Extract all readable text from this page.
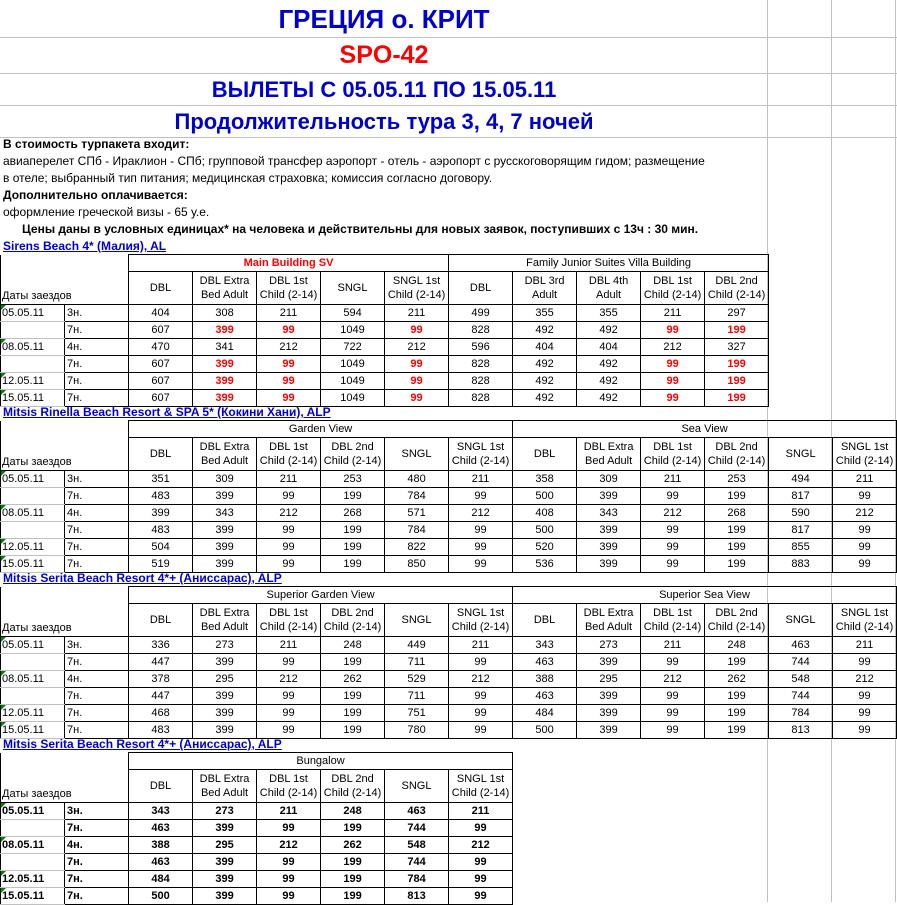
ГРЕЦИЯ о. КРИТ
SPO-42
ВЫЛЕТЫ С 05.05.11 ПО 15.05.11
Продолжительность тура 3, 4, 7 ночей
В стоимость турпакета входит:
авиаперелет СПб - Ираклион - СПб; групповой трансфер аэропорт - отель - аэропорт с русскоговорящим гидом; размещение
в отеле; выбранный тип питания; медицинская страховка; комиссия согласно договору.
Дополнительно оплачивается:
оформление греческой визы - 65 у.е.
Цены даны в условных единицах* на человека и действительны для новых заявок, поступивших с 13ч : 30 мин.
Sirens Beach 4* (Малия), AL
Даты заездов		Main Building SV					Family Junior Suites Villa Building				
		DBL	DBL Extra Bed Adult	DBL 1st Child (2-14)	SNGL	SNGL 1st Child (2-14)	DBL	DBL 3rd Adult	DBL 4th Adult	DBL 1st Child (2-14)	DBL 2nd Child (2-14)

05.05.11	3н.	404	308	211	594	211	499	355	355	211	297
	7н.	607	399	99	1049	99	828	492	492	99	199

08.05.11	4н.	470	341	212	722	212	596	404	404	212	327
	7н.	607	399	99	1049	99	828	492	492	99	199

12.05.11	7н.	607	399	99	1049	99	828	492	492	99	199

15.05.11	7н.	607	399	99	1049	99	828	492	492	99	199
Mitsis Rinella Beach Resort & SPA 5* (Кокини Хани), ALP
Даты заездов		Garden View						Sea View					
		DBL	DBL Extra Bed Adult	DBL 1st Child (2-14)	DBL 2nd Child (2-14)	SNGL	SNGL 1st Child (2-14)	DBL	DBL Extra Bed Adult	DBL 1st Child (2-14)	DBL 2nd Child (2-14)	SNGL	SNGL 1st Child (2-14)

05.05.11	3н.	351	309	211	253	480	211	358	309	211	253	494	211
	7н.	483	399	99	199	784	99	500	399	99	199	817	99

08.05.11	4н.	399	343	212	268	571	212	408	343	212	268	590	212
	7н.	483	399	99	199	784	99	500	399	99	199	817	99

12.05.11	7н.	504	399	99	199	822	99	520	399	99	199	855	99

15.05.11	7н.	519	399	99	199	850	99	536	399	99	199	883	99
Mitsis Serita Beach Resort 4*+ (Аниссарас), ALP
Даты заездов		Superior Garden View						Superior Sea View					
		DBL	DBL Extra Bed Adult	DBL 1st Child (2-14)	DBL 2nd Child (2-14)	SNGL	SNGL 1st Child (2-14)	DBL	DBL Extra Bed Adult	DBL 1st Child (2-14)	DBL 2nd Child (2-14)	SNGL	SNGL 1st Child (2-14)

05.05.11	3н.	336	273	211	248	449	211	343	273	211	248	463	211
	7н.	447	399	99	199	711	99	463	399	99	199	744	99

08.05.11	4н.	378	295	212	262	529	212	388	295	212	262	548	212
	7н.	447	399	99	199	711	99	463	399	99	199	744	99

12.05.11	7н.	468	399	99	199	751	99	484	399	99	199	784	99

15.05.11	7н.	483	399	99	199	780	99	500	399	99	199	813	99
Mitsis Serita Beach Resort 4*+ (Аниссарас), ALP
Даты заездов		Bungalow					
		DBL	DBL Extra Bed Adult	DBL 1st Child (2-14)	DBL 2nd Child (2-14)	SNGL	SNGL 1st Child (2-14)

05.05.11	3н.	343	273	211	248	463	211
	7н.	463	399	99	199	744	99

08.05.11	4н.	388	295	212	262	548	212
	7н.	463	399	99	199	744	99

12.05.11	7н.	484	399	99	199	784	99

15.05.11	7н.	500	399	99	199	813	99
